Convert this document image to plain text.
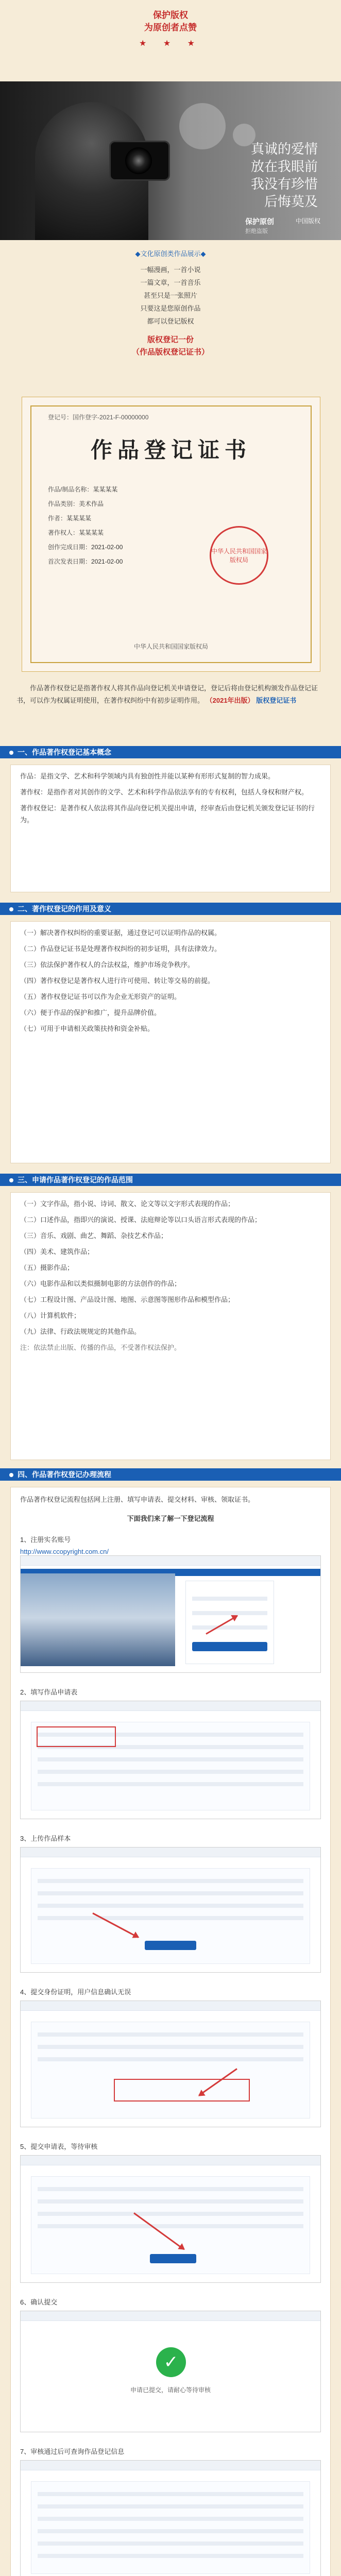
保护版权
为原创者点赞
★ ★ ★
真诚的爱情
放在我眼前
我没有珍惜
后悔莫及
保护原创
拒绝盗版
中国版权
◆文化原创类作品展示◆
一幅漫画，一首小说
一篇文章，一首音乐
甚至只是一张照片
只要这是您原创作品
都可以登记版权
版权登记一份
（作品版权登记证书）
登记号：国作登字-2021-F-00000000
作品登记证书
作品/制品名称：某某某某
作品类别：美术作品
作者：某某某某
著作权人：某某某某
创作完成日期：2021-02-00
首次发表日期：2021-02-00
中华人民共和国国家版权局
中华人民共和国国家版权局
作品著作权登记是指著作权人将其作品向登记机关申请登记，登记后将由登记机构颁发作品登记证书，可以作为权属证明使用，在著作权纠纷中有初步证明作用。 （2021年出版） 版权登记证书
一、作品著作权登记基本概念

作品：是指文学、艺术和科学领域内具有独创性并能以某种有形形式复制的智力成果。

著作权：是指作者对其创作的文学、艺术和科学作品依法享有的专有权利，包括人身权和财产权。

著作权登记：是著作权人依法将其作品向登记机关提出申请，经审查后由登记机关颁发登记证书的行为。

二、著作权登记的作用及意义

（一）解决著作权纠纷的重要证据，通过登记可以证明作品的权属。

（二）作品登记证书是处理著作权纠纷的初步证明，具有法律效力。

（三）依法保护著作权人的合法权益，维护市场竞争秩序。

（四）著作权登记是著作权人进行许可使用、转让等交易的前提。

（五）著作权登记证书可以作为企业无形资产的证明。

（六）便于作品的保护和推广，提升品牌价值。

（七）可用于申请相关政策扶持和资金补贴。

三、申请作品著作权登记的作品范围

（一）文字作品，指小说、诗词、散文、论文等以文字形式表现的作品；

（二）口述作品，指即兴的演说、授课、法庭辩论等以口头语言形式表现的作品；

（三）音乐、戏剧、曲艺、舞蹈、杂技艺术作品；

（四）美术、建筑作品；

（五）摄影作品；

（六）电影作品和以类似摄制电影的方法创作的作品；

（七）工程设计图、产品设计图、地图、示意图等图形作品和模型作品；

（八）计算机软件；

（九）法律、行政法规规定的其他作品。

注：依法禁止出版、传播的作品，不受著作权法保护。

四、作品著作权登记办理流程

作品著作权登记流程包括网上注册、填写申请表、提交材料、审核、领取证书。

下面我们来了解一下登记流程

1、注册实名账号

http://www.ccopyright.com.cn/

2、填写作品申请表

3、上传作品样本

4、提交身份证明，用户信息确认无误

5、提交申请表，等待审核

6、确认提交

✓
申请已提交，请耐心等待审核

7、审核通过后可查询作品登记信息
